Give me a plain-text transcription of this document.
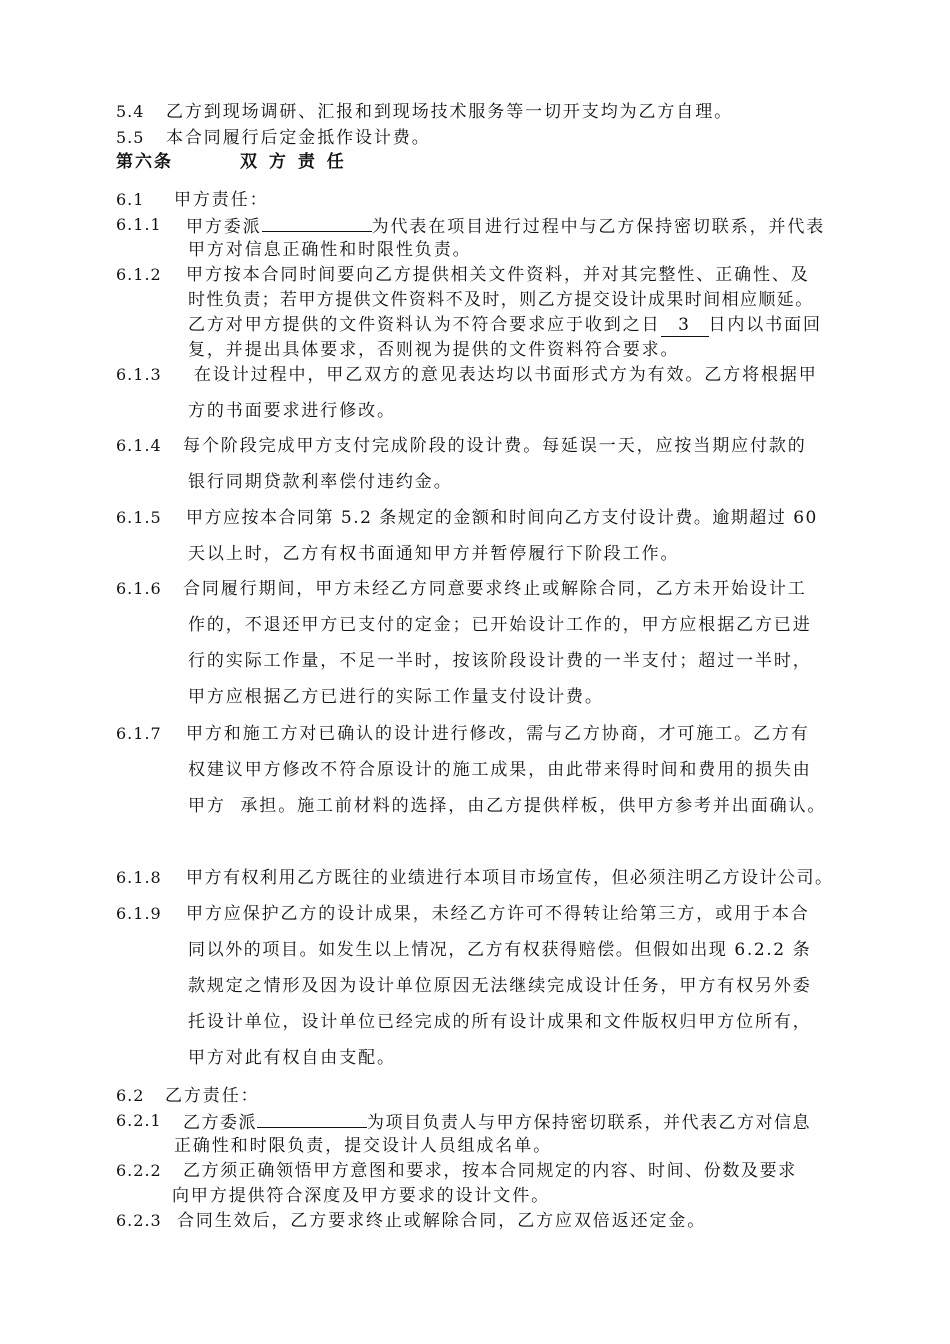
5.4 乙方到现场调研、汇报和到现场技术服务等一切开支均为乙方自理。
5.5 本合同履行后定金抵作设计费。
第六条	双 方 责 任
6.1 甲方责任：
6.1.1 甲方委派	为代表在项目进行过程中与乙方保持密切联系，并代表
甲方对信息正确性和时限性负责。
6.1.2 甲方按本合同时间要向乙方提供相关文件资料，并对其完整性、正确性、及
时性负责；若甲方提供文件资料不及时，则乙方提交设计成果时间相应顺延。
乙方对甲方提供的文件资料认为不符合要求应于收到之日 3 日内以书面回
复，并提出具体要求，否则视为提供的文件资料符合要求。
6.1.3 在设计过程中，甲乙双方的意见表达均以书面形式方为有效。乙方将根据甲
方的书面要求进行修改。
6.1.4 每个阶段完成甲方支付完成阶段的设计费。每延误一天，应按当期应付款的
银行同期贷款利率偿付违约金。
6.1.5 甲方应按本合同第 5.2 条规定的金额和时间向乙方支付设计费。逾期超过 60
天以上时，乙方有权书面通知甲方并暂停履行下阶段工作。
6.1.6 合同履行期间，甲方未经乙方同意要求终止或解除合同，乙方未开始设计工
作的，不退还甲方已支付的定金；已开始设计工作的，甲方应根据乙方已进
行的实际工作量，不足一半时，按该阶段设计费的一半支付；超过一半时，
甲方应根据乙方已进行的实际工作量支付设计费。
6.1.7 甲方和施工方对已确认的设计进行修改，需与乙方协商，才可施工。乙方有
权建议甲方修改不符合原设计的施工成果，由此带来得时间和费用的损失由
甲方  承担。施工前材料的选择，由乙方提供样板，供甲方参考并出面确认。
6.1.8 甲方有权利用乙方既往的业绩进行本项目市场宣传，但必须注明乙方设计公司。
6.1.9 甲方应保护乙方的设计成果，未经乙方许可不得转让给第三方，或用于本合
同以外的项目。如发生以上情况，乙方有权获得赔偿。但假如出现 6.2.2 条
款规定之情形及因为设计单位原因无法继续完成设计任务，甲方有权另外委
托设计单位，设计单位已经完成的所有设计成果和文件版权归甲方位所有，
甲方对此有权自由支配。
6.2 乙方责任：
6.2.1 乙方委派	为项目负责人与甲方保持密切联系，并代表乙方对信息
正确性和时限负责，提交设计人员组成名单。
6.2.2 乙方须正确领悟甲方意图和要求，按本合同规定的内容、时间、份数及要求
向甲方提供符合深度及甲方要求的设计文件。
6.2.3 合同生效后，乙方要求终止或解除合同，乙方应双倍返还定金。
